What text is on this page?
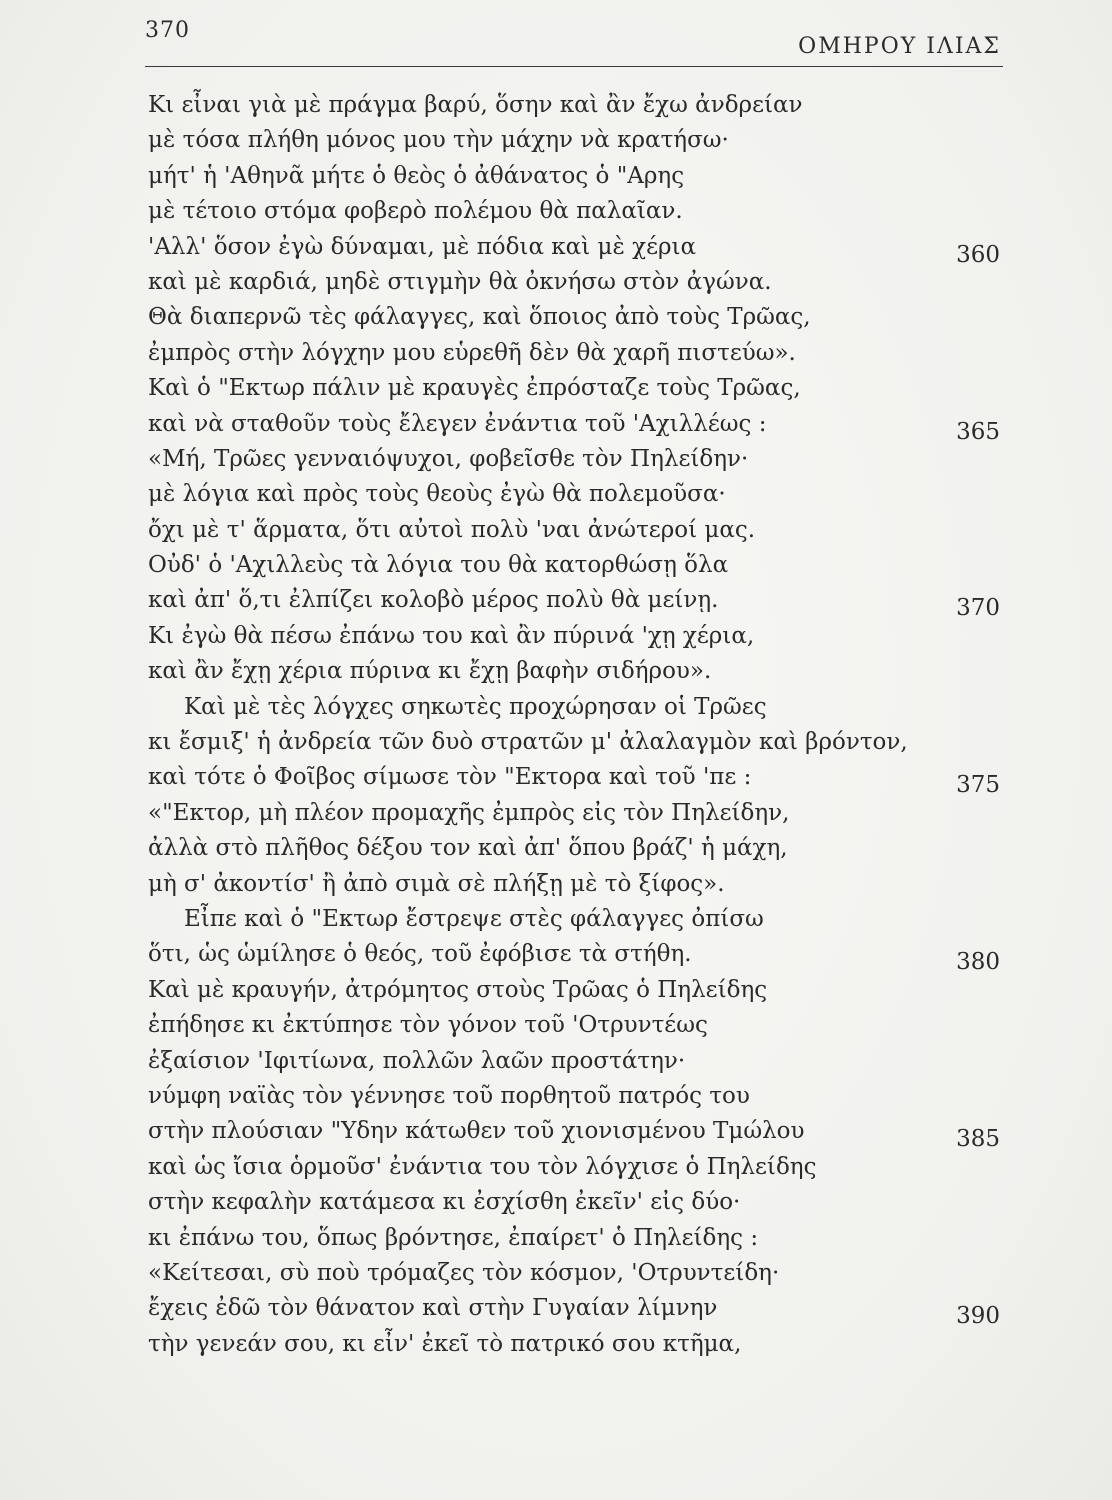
370
ΟΜΗΡΟΥ ΙΛΙΑΣ
Κι εἶναι γιὰ μὲ πράγμα βαρύ, ὅσην καὶ ἂν ἔχω ἀνδρείαν
μὲ τόσα πλήθη μόνος μου τὴν μάχην νὰ κρατήσω·
μήτ' ἡ 'Αθηνᾶ μήτε ὁ θεὸς ὁ ἀθάνατος ὁ "Αρης
μὲ τέτοιο στόμα φοβερὸ πολέμου θὰ παλαῖαν.
'Αλλ' ὅσον ἐγὼ δύναμαι, μὲ πόδια καὶ μὲ χέρια	360
καὶ μὲ καρδιά, μηδὲ στιγμὴν θὰ ὀκνήσω στὸν ἀγώνα.
Θὰ διαπερνῶ τὲς φάλαγγες, καὶ ὅποιος ἀπὸ τοὺς Τρῶας,
ἐμπρὸς στὴν λόγχην μου εὑρεθῆ δὲν θὰ χαρῆ πιστεύω».
Καὶ ὁ "Εκτωρ πάλιν μὲ κραυγὲς ἐπρόσταζε τοὺς Τρῶας,
καὶ νὰ σταθοῦν τοὺς ἔλεγεν ἐνάντια τοῦ 'Αχιλλέως :	365
«Μή, Τρῶες γενναιόψυχοι, φοβεῖσθε τὸν Πηλείδην·
μὲ λόγια καὶ πρὸς τοὺς θεοὺς ἐγὼ θὰ πολεμοῦσα·
ὄχι μὲ τ' ἅρματα, ὅτι αὐτοὶ πολὺ 'ναι ἀνώτεροί μας.
Οὐδ' ὁ 'Αχιλλεὺς τὰ λόγια του θὰ κατορθώσῃ ὅλα
καὶ ἀπ' ὅ,τι ἐλπίζει κολοβὸ μέρος πολὺ θὰ μείνῃ.	370
Κι ἐγὼ θὰ πέσω ἐπάνω του καὶ ἂν πύρινά 'χῃ χέρια,
καὶ ἂν ἔχῃ χέρια πύρινα κι ἔχῃ βαφὴν σιδήρου».
Καὶ μὲ τὲς λόγχες σηκωτὲς προχώρησαν οἱ Τρῶες
κι ἔσμιξ' ἡ ἀνδρεία τῶν δυὸ στρατῶν μ' ἀλαλαγμὸν καὶ βρόντον,
καὶ τότε ὁ Φοῖβος σίμωσε τὸν "Εκτορα καὶ τοῦ 'πε :	375
«"Εκτορ, μὴ πλέον προμαχῆς ἐμπρὸς εἰς τὸν Πηλείδην,
ἀλλὰ στὸ πλῆθος δέξου τον καὶ ἀπ' ὅπου βράζ' ἡ μάχη,
μὴ σ' ἀκοντίσ' ἢ ἀπὸ σιμὰ σὲ πλήξῃ μὲ τὸ ξίφος».
Εἶπε καὶ ὁ "Εκτωρ ἔστρεψε στὲς φάλαγγες ὀπίσω
ὅτι, ὡς ὡμίλησε ὁ θεός, τοῦ ἐφόβισε τὰ στήθη.	380
Καὶ μὲ κραυγήν, ἀτρόμητος στοὺς Τρῶας ὁ Πηλείδης
ἐπήδησε κι ἐκτύπησε τὸν γόνον τοῦ 'Οτρυντέως
ἐξαίσιον 'Ιφιτίωνα, πολλῶν λαῶν προστάτην·
νύμφη ναϊὰς τὸν γέννησε τοῦ πορθητοῦ πατρός του
στὴν πλούσιαν "Υδην κάτωθεν τοῦ χιονισμένου Τμώλου	385
καὶ ὡς ἴσια ὁρμοῦσ' ἐνάντια του τὸν λόγχισε ὁ Πηλείδης
στὴν κεφαλὴν κατάμεσα κι ἐσχίσθη ἐκεῖν' εἰς δύο·
κι ἐπάνω του, ὅπως βρόντησε, ἐπαίρετ' ὁ Πηλείδης :
«Κείτεσαι, σὺ ποὺ τρόμαζες τὸν κόσμον, 'Οτρυντείδη·
ἔχεις ἐδῶ τὸν θάνατον καὶ στὴν Γυγαίαν λίμνην	390
τὴν γενεάν σου, κι εἶν' ἐκεῖ τὸ πατρικό σου κτῆμα,
